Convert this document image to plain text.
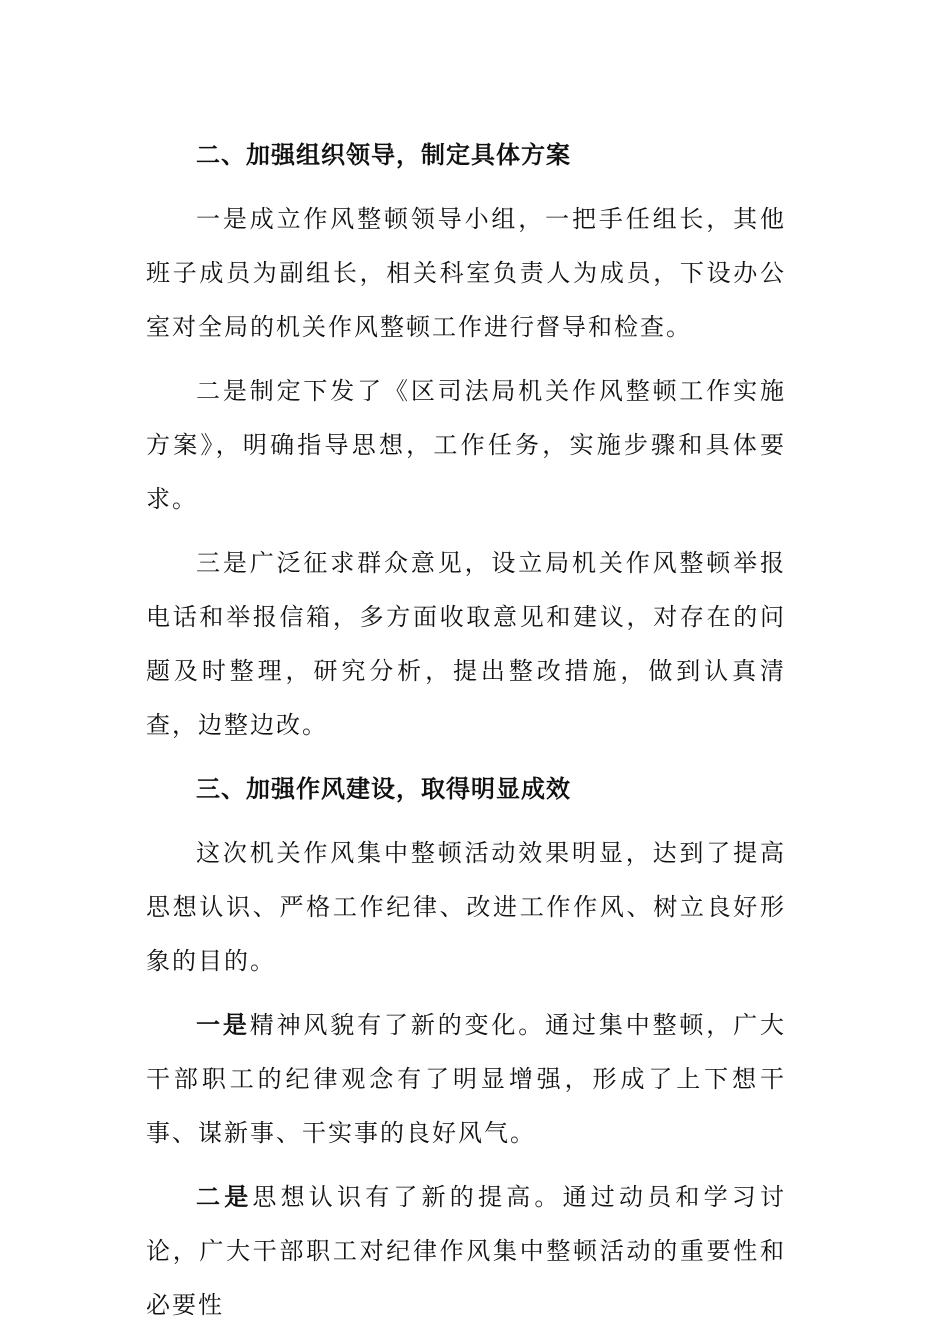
二、加强组织领导，制定具体方案
一是成立作风整顿领导小组，一把手任组长，其他班子成员为副组长，相关科室负责人为成员，下设办公室对全局的机关作风整顿工作进行督导和检查。
二是制定下发了《区司法局机关作风整顿工作实施方案》，明确指导思想，工作任务，实施步骤和具体要求。
三是广泛征求群众意见，设立局机关作风整顿举报电话和举报信箱，多方面收取意见和建议，对存在的问题及时整理，研究分析，提出整改措施，做到认真清查，边整边改。
三、加强作风建设，取得明显成效
这次机关作风集中整顿活动效果明显，达到了提高思想认识、严格工作纪律、改进工作作风、树立良好形象的目的。
一是精神风貌有了新的变化。通过集中整顿，广大干部职工的纪律观念有了明显增强，形成了上下想干事、谋新事、干实事的良好风气。
二是思想认识有了新的提高。通过动员和学习讨论，广大干部职工对纪律作风集中整顿活动的重要性和必要性
